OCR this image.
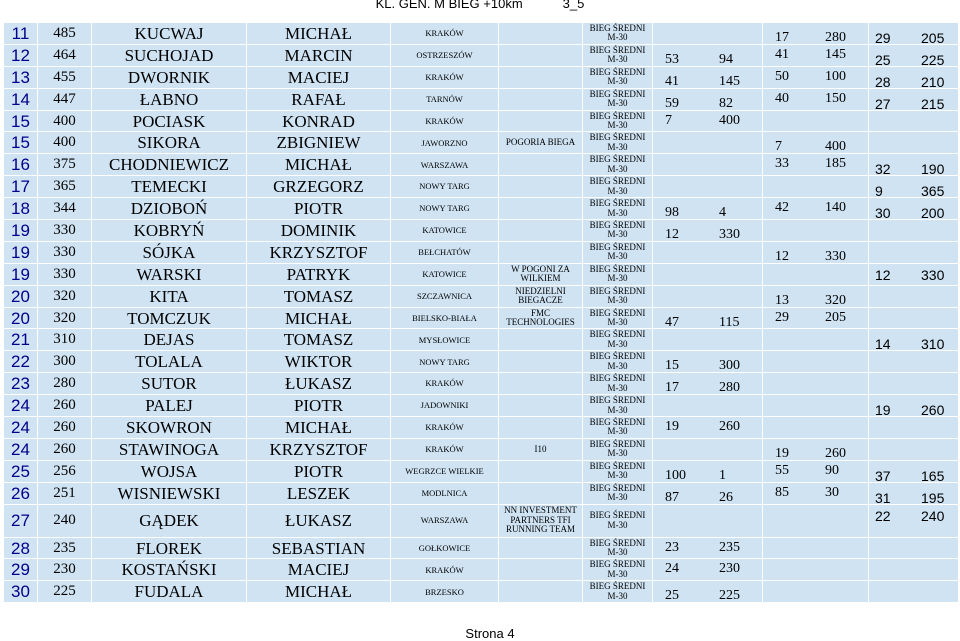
KL. GEN. M BIEG +10km	3_5
11	485	KUCWAJ	MICHAŁ	KRAKÓW		BIEG ŚREDNI
M-30		17 280	29 205

12	464	SUCHOJAD	MARCIN	OSTRZESZÓW		BIEG ŚREDNI
M-30	53 94	41 145	25 225

13	455	DWORNIK	MACIEJ	KRAKÓW		BIEG ŚREDNI
M-30	41 145	50 100	28 210

14	447	ŁABNO	RAFAŁ	TARNÓW		BIEG ŚREDNI
M-30	59 82	40 150	27 215

15	400	POCIASK	KONRAD	KRAKÓW		BIEG ŚREDNI
M-30	7 400		

15	400	SIKORA	ZBIGNIEW	JAWORZNO	POGORIA BIEGA	BIEG ŚREDNI
M-30		7 400	

16	375	CHODNIEWICZ	MICHAŁ	WARSZAWA		BIEG ŚREDNI
M-30		33 185	32 190

17	365	TEMECKI	GRZEGORZ	NOWY TARG		BIEG ŚREDNI
M-30			9 365

18	344	DZIOBOŃ	PIOTR	NOWY TARG		BIEG ŚREDNI
M-30	98 4	42 140	30 200

19	330	KOBRYŃ	DOMINIK	KATOWICE		BIEG ŚREDNI
M-30	12 330		

19	330	SÓJKA	KRZYSZTOF	BEŁCHATÓW		BIEG ŚREDNI
M-30		12 330	

19	330	WARSKI	PATRYK	KATOWICE	W POGONI ZA WILKIEM	BIEG ŚREDNI
M-30			12 330

20	320	KITA	TOMASZ	SZCZAWNICA	NIEDZIELNI BIEGACZE	BIEG ŚREDNI
M-30		13 320	

20	320	TOMCZUK	MICHAŁ	BIELSKO-BIAŁA	FMC TECHNOLOGIES	BIEG ŚREDNI
M-30	47 115	29 205	

21	310	DEJAS	TOMASZ	MYSŁOWICE		BIEG ŚREDNI
M-30			14 310

22	300	TOLALA	WIKTOR	NOWY TARG		BIEG ŚREDNI
M-30	15 300		

23	280	SUTOR	ŁUKASZ	KRAKÓW		BIEG ŚREDNI
M-30	17 280		

24	260	PALEJ	PIOTR	JADOWNIKI		BIEG ŚREDNI
M-30			19 260

24	260	SKOWRON	MICHAŁ	KRAKÓW		BIEG ŚREDNI
M-30	19 260		

24	260	STAWINOGA	KRZYSZTOF	KRAKÓW	I10	BIEG ŚREDNI
M-30		19 260	

25	256	WOJSA	PIOTR	WEGRZCE WIELKIE		BIEG ŚREDNI
M-30	100 1	55 90	37 165

26	251	WISNIEWSKI	LESZEK	MODLNICA		BIEG ŚREDNI
M-30	87 26	85 30	31 195

27	240	GĄDEK	ŁUKASZ	WARSZAWA	NN INVESTMENT PARTNERS TFI RUNNING TEAM	BIEG ŚREDNI
M-30			22 240

28	235	FLOREK	SEBASTIAN	GOŁKOWICE		BIEG ŚREDNI
M-30	23 235		

29	230	KOSTAŃSKI	MACIEJ	KRAKÓW		BIEG ŚREDNI
M-30	24 230		

30	225	FUDALA	MICHAŁ	BRZESKO		BIEG ŚREDNI
M-30	25 225		

Strona 4
